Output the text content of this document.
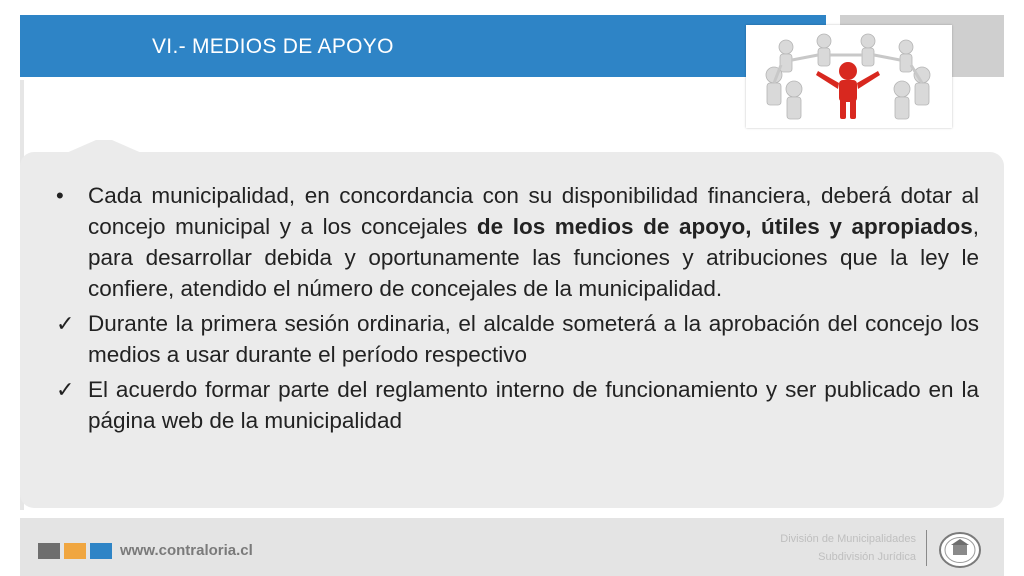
VI.- MEDIOS DE APOYO
•	Cada municipalidad, en concordancia con su disponibilidad financiera, deberá dotar al concejo municipal y a los concejales de los medios de apoyo, útiles y apropiados, para desarrollar debida y oportunamente las funciones y atribuciones que la ley le confiere, atendido el número de concejales de la municipalidad.
✓ Durante la primera sesión ordinaria, el alcalde someterá a la aprobación del concejo los medios a usar durante el período respectivo
✓ El acuerdo formar parte del reglamento interno de funcionamiento y ser publicado en la página web de la municipalidad
www.contraloria.cl
División de Municipalidades
Subdivisión Jurídica
